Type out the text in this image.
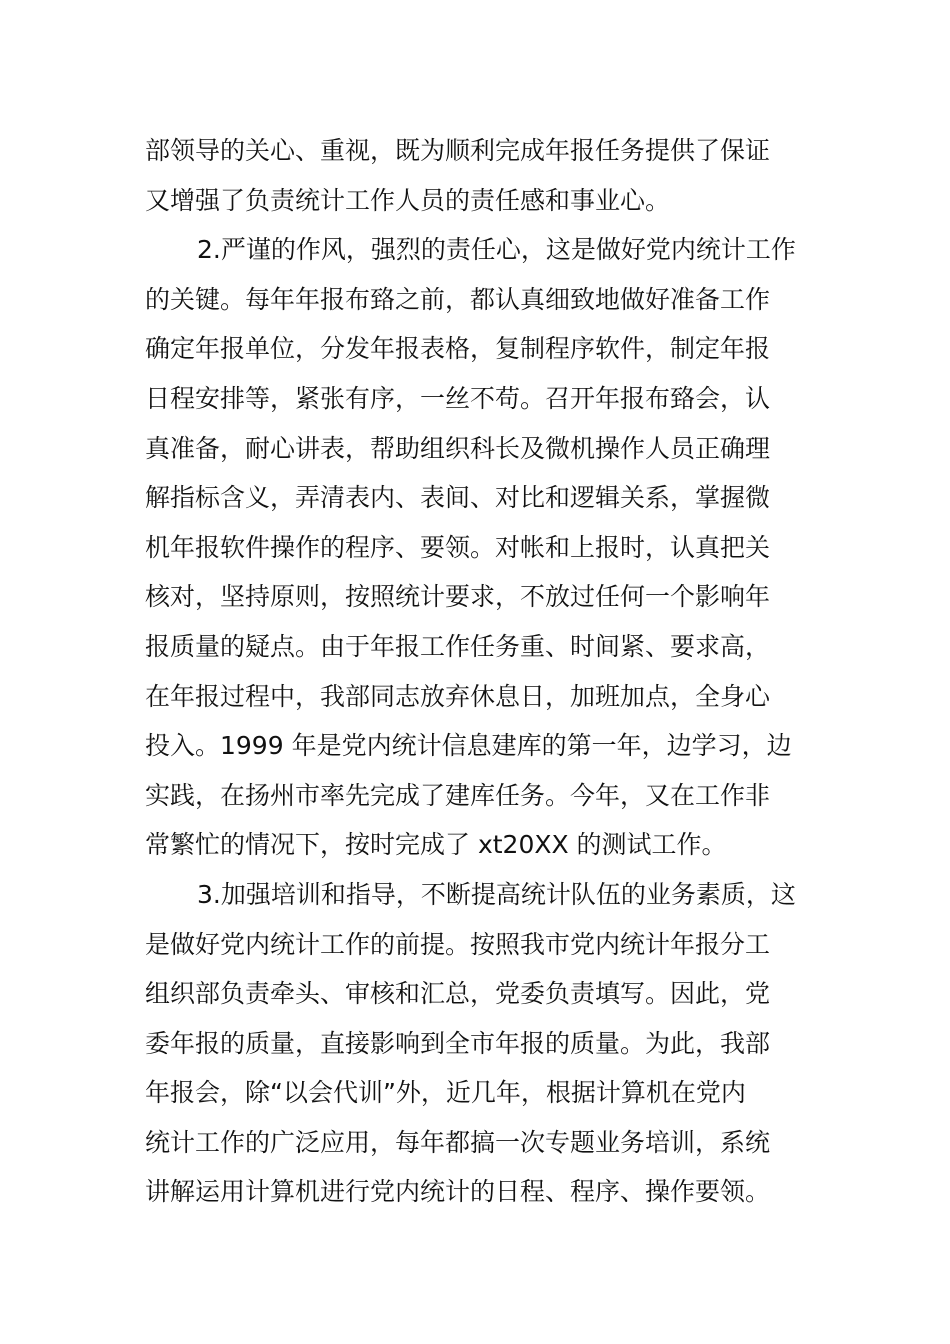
部领导的关心、重视，既为顺利完成年报任务提供了保证
又增强了负责统计工作人员的责任感和事业心。
2.严谨的作风，强烈的责任心，这是做好党内统计工作
的关键。每年年报布臵之前，都认真细致地做好准备工作
确定年报单位，分发年报表格，复制程序软件，制定年报
日程安排等，紧张有序，一丝不苟。召开年报布臵会，认
真准备，耐心讲表，帮助组织科长及微机操作人员正确理
解指标含义，弄清表内、表间、对比和逻辑关系，掌握微
机年报软件操作的程序、要领。对帐和上报时，认真把关
核对，坚持原则，按照统计要求，不放过任何一个影响年
报质量的疑点。由于年报工作任务重、时间紧、要求高，
在年报过程中，我部同志放弃休息日，加班加点，全身心
投入。1999 年是党内统计信息建库的第一年，边学习，边
实践，在扬州市率先完成了建库任务。今年，又在工作非
常繁忙的情况下，按时完成了 xt20XX 的测试工作。
3.加强培训和指导，不断提高统计队伍的业务素质，这
是做好党内统计工作的前提。按照我市党内统计年报分工
组织部负责牵头、审核和汇总，党委负责填写。因此，党
委年报的质量，直接影响到全市年报的质量。为此，我部
年报会，除“以会代训”外，近几年，根据计算机在党内
统计工作的广泛应用，每年都搞一次专题业务培训，系统
讲解运用计算机进行党内统计的日程、程序、操作要领。
